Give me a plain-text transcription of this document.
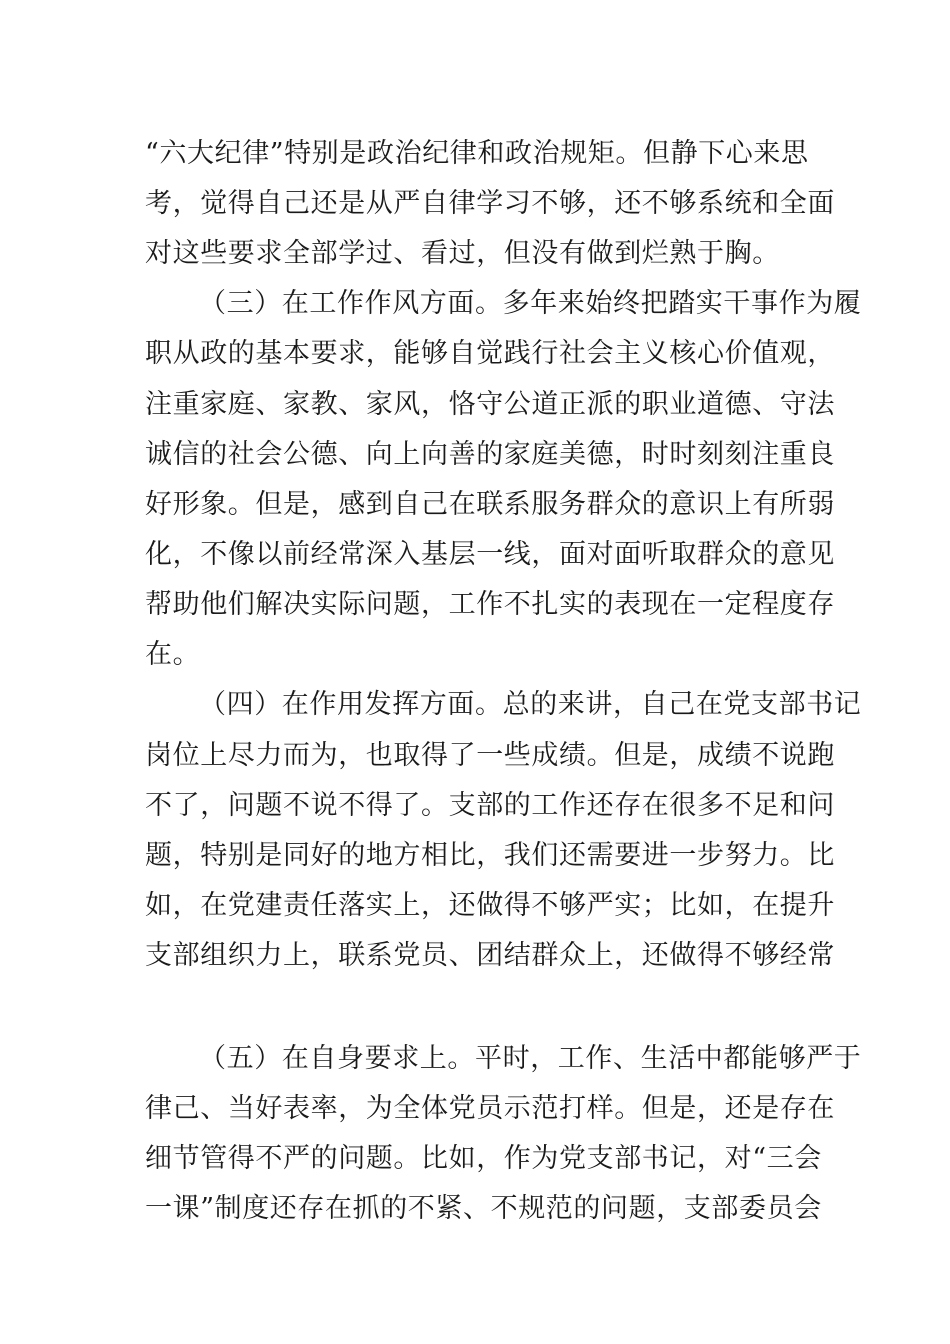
“六大纪律”特别是政治纪律和政治规矩。但静下心来思
考，觉得自己还是从严自律学习不够，还不够系统和全面
对这些要求全部学过、看过，但没有做到烂熟于胸。
（三）在工作作风方面。多年来始终把踏实干事作为履
职从政的基本要求，能够自觉践行社会主义核心价值观，
注重家庭、家教、家风，恪守公道正派的职业道德、守法
诚信的社会公德、向上向善的家庭美德，时时刻刻注重良
好形象。但是，感到自己在联系服务群众的意识上有所弱
化，不像以前经常深入基层一线，面对面听取群众的意见
帮助他们解决实际问题，工作不扎实的表现在一定程度存
在。
（四）在作用发挥方面。总的来讲，自己在党支部书记
岗位上尽力而为，也取得了一些成绩。但是，成绩不说跑
不了，问题不说不得了。支部的工作还存在很多不足和问
题，特别是同好的地方相比，我们还需要进一步努力。比
如，在党建责任落实上，还做得不够严实；比如，在提升
支部组织力上，联系党员、团结群众上，还做得不够经常
（五）在自身要求上。平时，工作、生活中都能够严于
律己、当好表率，为全体党员示范打样。但是，还是存在
细节管得不严的问题。比如，作为党支部书记，对“三会
一课”制度还存在抓的不紧、不规范的问题，支部委员会
